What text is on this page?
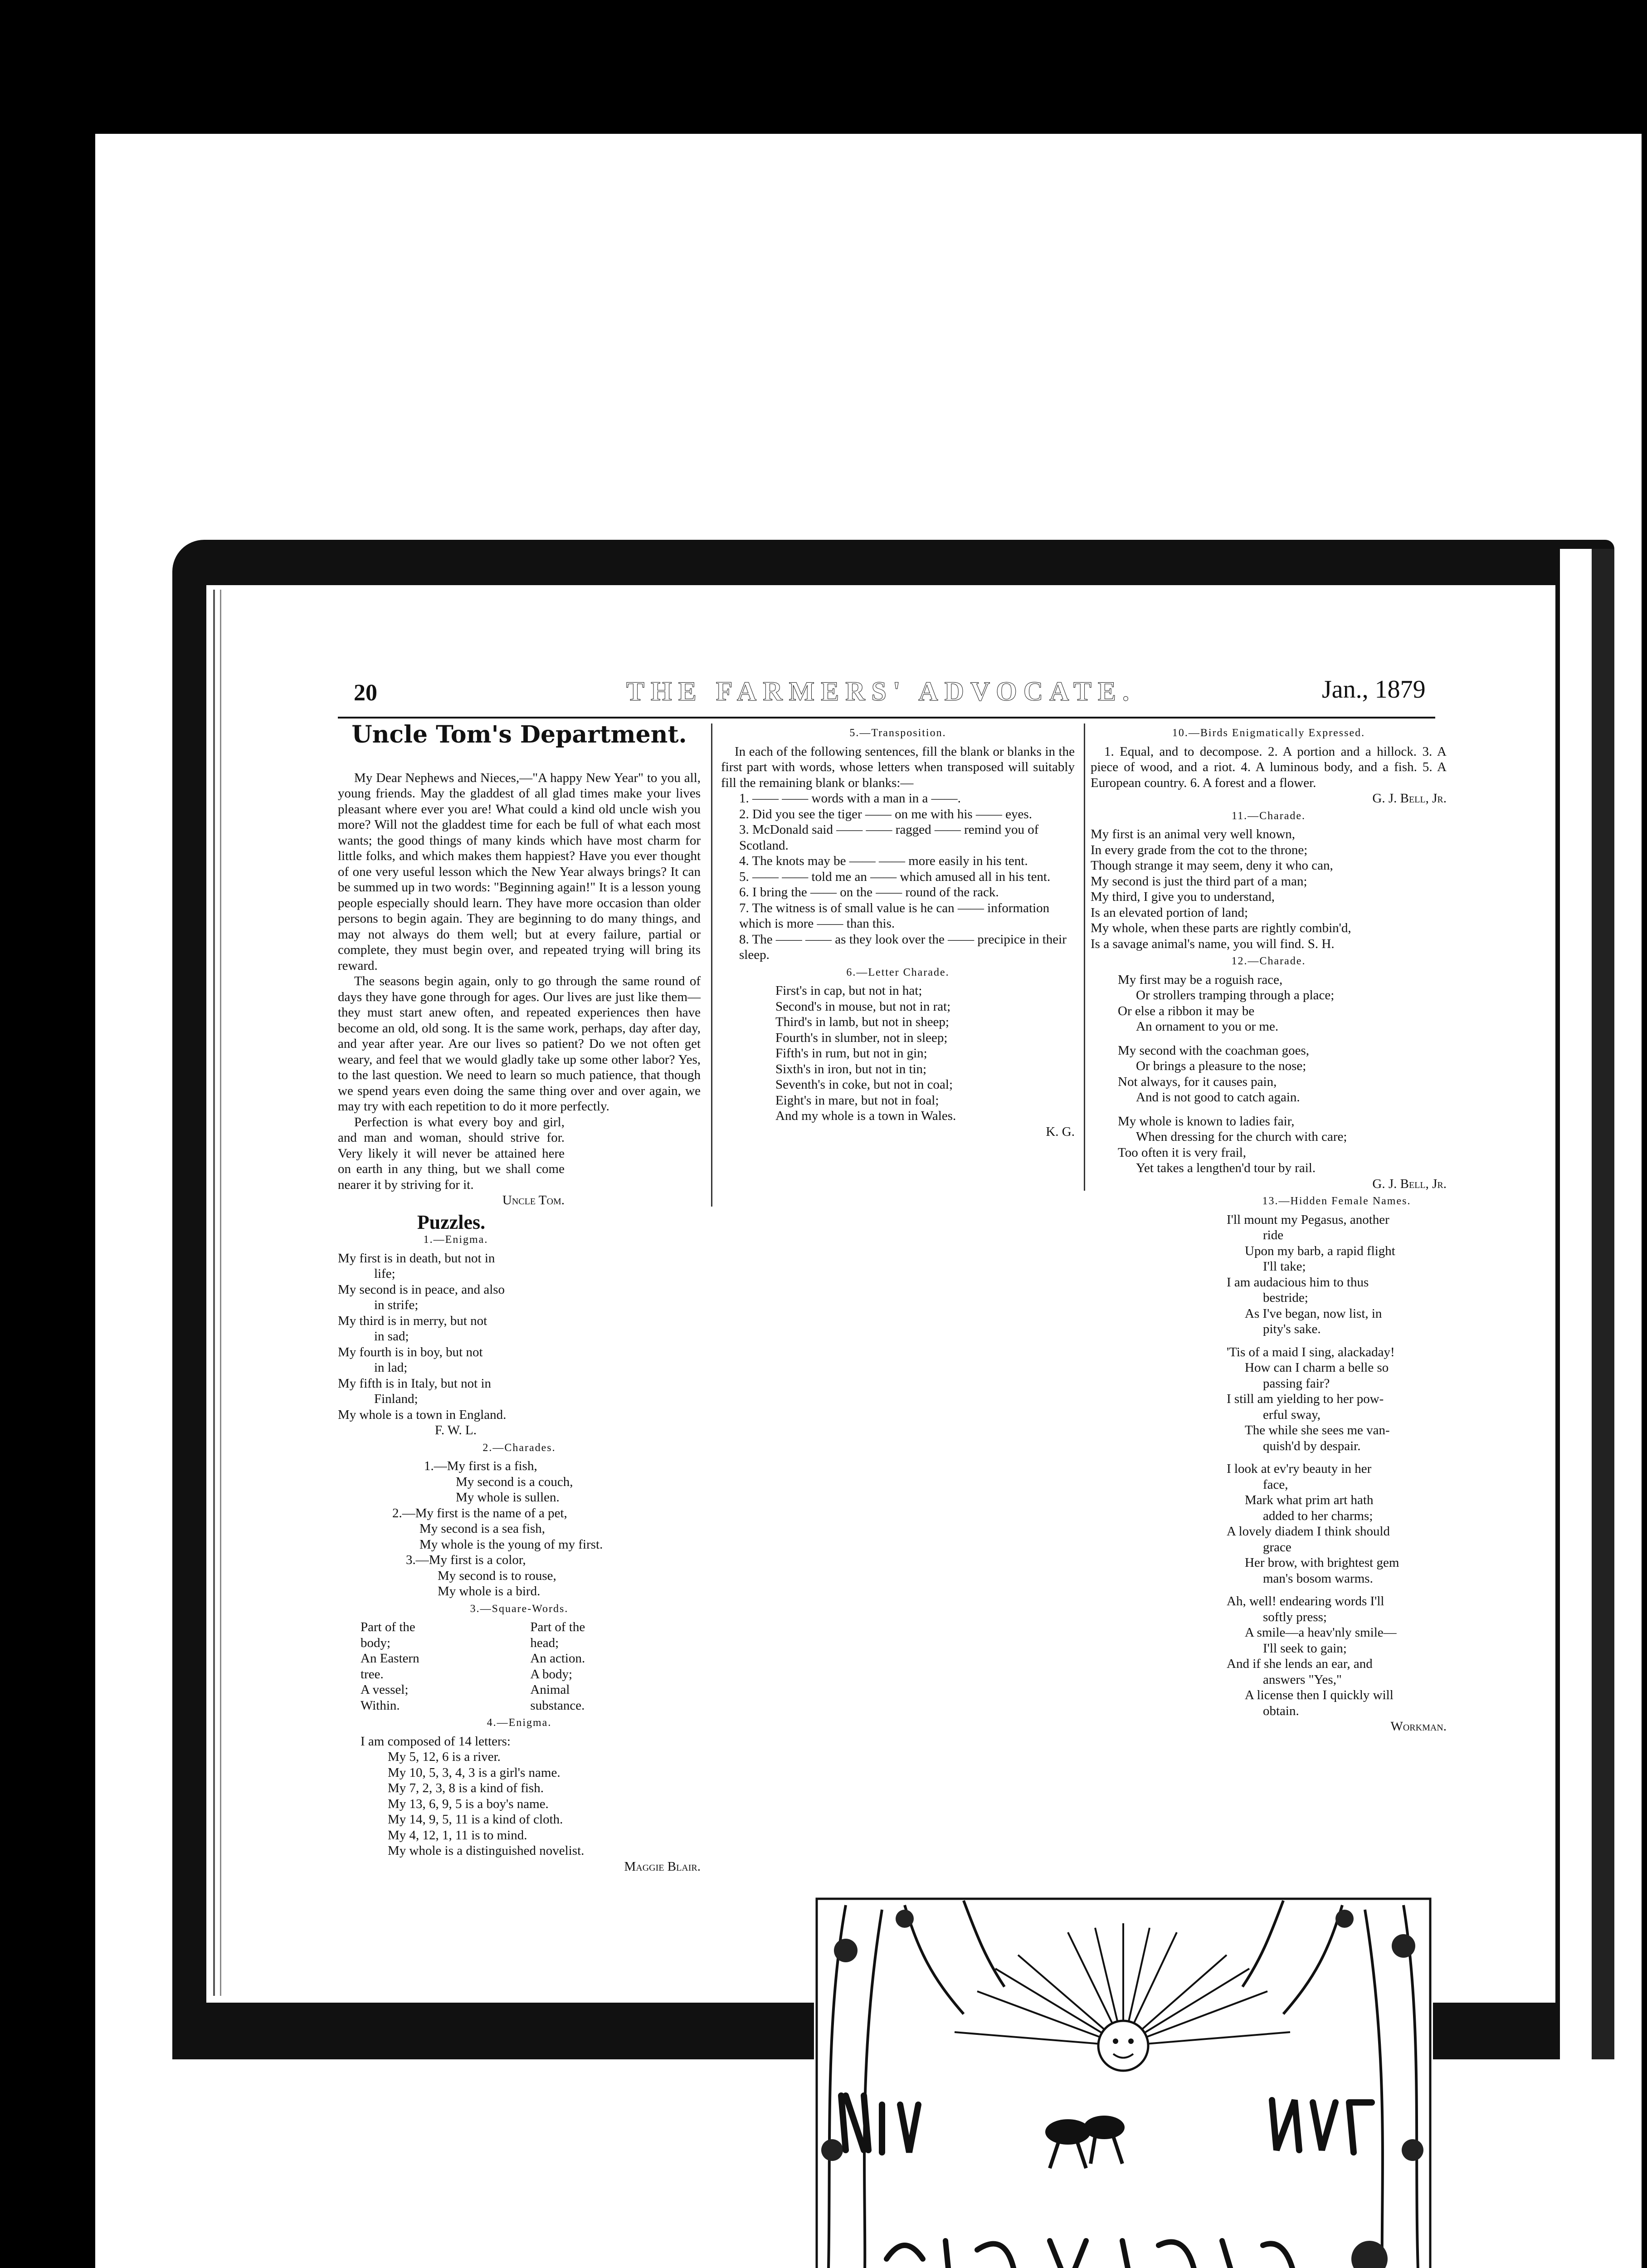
20	THE FARMERS' ADVOCATE.	Jan., 1879
Uncle Tom's Department.

My Dear Nephews and Nieces,—"A happy New Year" to you all, young friends. May the gladdest of all glad times make your lives pleasant where ever you are! What could a kind old uncle wish you more? Will not the gladdest time for each be full of what each most wants; the good things of many kinds which have most charm for little folks, and which makes them happiest? Have you ever thought of one very useful lesson which the New Year always brings? It can be summed up in two words: "Beginning again!" It is a lesson young people especially should learn. They have more occasion than older persons to begin again. They are beginning to do many things, and may not always do them well; but at every failure, partial or complete, they must begin over, and repeated trying will bring its reward.

The seasons begin again, only to go through the same round of days they have gone through for ages. Our lives are just like them—they must start anew often, and repeated experiences then have become an old, old song. It is the same work, perhaps, day after day, and year after year. Are our lives so patient? Do we not often get weary, and feel that we would gladly take up some other labor? Yes, to the last question. We need to learn so much patience, that though we spend years even doing the same thing over and over again, we may try with each repetition to do it more perfectly.

Perfection is what every boy and girl, and man and woman, should strive for. Very likely it will never be attained here on earth in any thing, but we shall come nearer it by striving for it.

Uncle Tom.
Puzzles.
1.—Enigma.
My first is in death, but not in
life;
My second is in peace, and also
in strife;
My third is in merry, but not
in sad;
My fourth is in boy, but not
in lad;
My fifth is in Italy, but not in
Finland;
My whole is a town in England.
F. W. L.
2.—Charades.
1.—My first is a fish,
My second is a couch,
My whole is sullen.
2.—My first is the name of a pet,
My second is a sea fish,
My whole is the young of my first.
3.—My first is a color,
My second is to rouse,
My whole is a bird.
3.—Square-Words.
Part of the body;
An Eastern tree.
A vessel;
Within.
Part of the head;
An action.
A body;
Animal substance.
4.—Enigma.
I am composed of 14 letters:
My 5, 12, 6 is a river.
My 10, 5, 3, 4, 3 is a girl's name.
My 7, 2, 3, 8 is a kind of fish.
My 13, 6, 9, 5 is a boy's name.
My 14, 9, 5, 11 is a kind of cloth.
My 4, 12, 1, 11 is to mind.
My whole is a distinguished novelist.
Maggie Blair.
5.—Transposition.
In each of the following sentences, fill the blank or blanks in the first part with words, whose letters when transposed will suitably fill the remaining blank or blanks:—
1. —— —— words with a man in a ——.
2. Did you see the tiger —— on me with his —— eyes.
3. McDonald said —— —— ragged —— remind you of Scotland.
4. The knots may be —— —— more easily in his tent.
5. —— —— told me an —— which amused all in his tent.
6. I bring the —— on the —— round of the rack.
7. The witness is of small value is he can —— information which is more —— than this.
8. The —— —— as they look over the —— precipice in their sleep.
6.—Letter Charade.
First's in cap, but not in hat;
Second's in mouse, but not in rat;
Third's in lamb, but not in sheep;
Fourth's in slumber, not in sleep;
Fifth's in rum, but not in gin;
Sixth's in iron, but not in tin;
Seventh's in coke, but not in coal;
Eight's in mare, but not in foal;
And my whole is a town in Wales.
K. G.
10.—Birds Enigmatically Expressed.
1. Equal, and to decompose. 2. A portion and a hillock. 3. A piece of wood, and a riot. 4. A luminous body, and a fish. 5. A European country. 6. A forest and a flower.
G. J. Bell, Jr.
11.—Charade.
My first is an animal very well known,
In every grade from the cot to the throne;
Though strange it may seem, deny it who can,
My second is just the third part of a man;
My third, I give you to understand,
Is an elevated portion of land;
My whole, when these parts are rightly combin'd,
Is a savage animal's name, you will find. S. H.
12.—Charade.
My first may be a roguish race,
Or strollers tramping through a place;
Or else a ribbon it may be
An ornament to you or me.
My second with the coachman goes,
Or brings a pleasure to the nose;
Not always, for it causes pain,
And is not good to catch again.
My whole is known to ladies fair,
When dressing for the church with care;
Too often it is very frail,
Yet takes a lengthen'd tour by rail.
G. J. Bell, Jr.
13.—Hidden Female Names.
I'll mount my Pegasus, another
ride
Upon my barb, a rapid flight
I'll take;
I am audacious him to thus
bestride;
As I've began, now list, in
pity's sake.
'Tis of a maid I sing, alackaday!
How can I charm a belle so
passing fair?
I still am yielding to her pow-
erful sway,
The while she sees me van-
quish'd by despair.
I look at ev'ry beauty in her
face,
Mark what prim art hath
added to her charms;
A lovely diadem I think should
grace
Her brow, with brightest gem
man's bosom warms.
Ah, well! endearing words I'll
softly press;
A smile—a heav'nly smile—
I'll seek to gain;
And if she lends an ear, and
answers "Yes,"
A license then I quickly will
obtain.
Workman.
